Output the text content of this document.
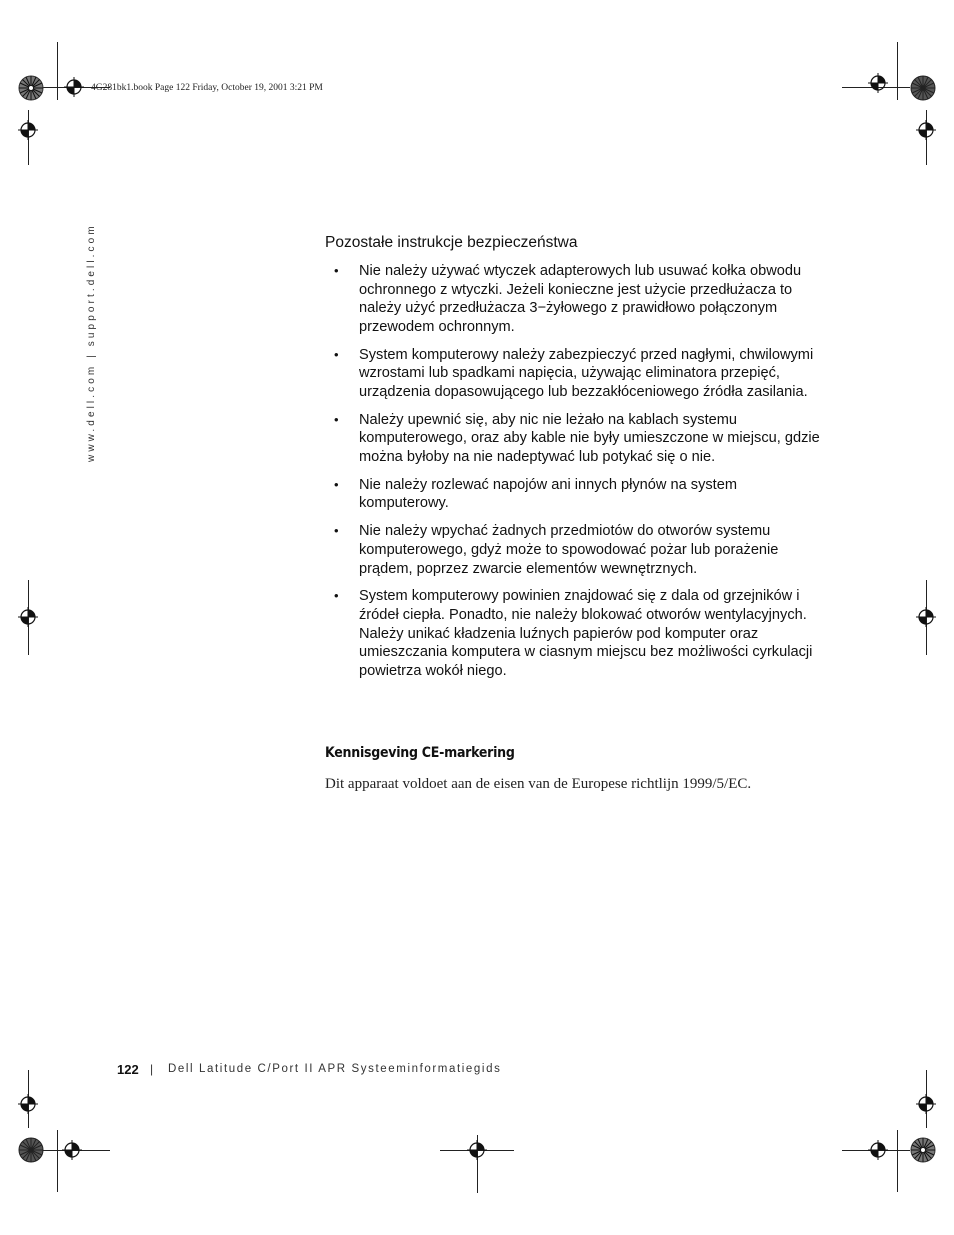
4G281bk1.book Page 122 Friday, October 19, 2001 3:21 PM
www.dell.com | support.dell.com	Pozostałe instrukcje bezpieczeństwa
• Nie należy używać wtyczek adapterowych lub usuwać kołka obwodu ochronnego z wtyczki. Jeżeli konieczne jest użycie przedłużacza to należy użyć przedłużacza 3−żyłowego z prawidłowo połączonym przewodem ochronnym.
• System komputerowy należy zabezpieczyć przed nagłymi, chwilowymi wzrostami lub spadkami napięcia, używając eliminatora przepięć, urządzenia dopasowującego lub bezzakłóceniowego źródła zasilania.
• Należy upewnić się, aby nic nie leżało na kablach systemu komputerowego, oraz aby kable nie były umieszczone w miejscu, gdzie można byłoby na nie nadeptywać lub potykać się o nie.
• Nie należy rozlewać napojów ani innych płynów na system komputerowy.
• Nie należy wpychać żadnych przedmiotów do otworów systemu komputerowego, gdyż może to spowodować pożar lub porażenie prądem, poprzez zwarcie elementów wewnętrznych.
• System komputerowy powinien znajdować się z dala od grzejników i źródeł ciepła. Ponadto, nie należy blokować otworów wentylacyjnych. Należy unikać kładzenia luźnych papierów pod komputer oraz umieszczania komputera w ciasnym miejscu bez możliwości cyrkulacji powietrza wokół niego.
Kennisgeving CE-markering
Dit apparaat voldoet aan de eisen van de Europese richtlijn 1999/5/EC.
122 | Dell Latitude C/Port II APR Systeeminformatiegids
